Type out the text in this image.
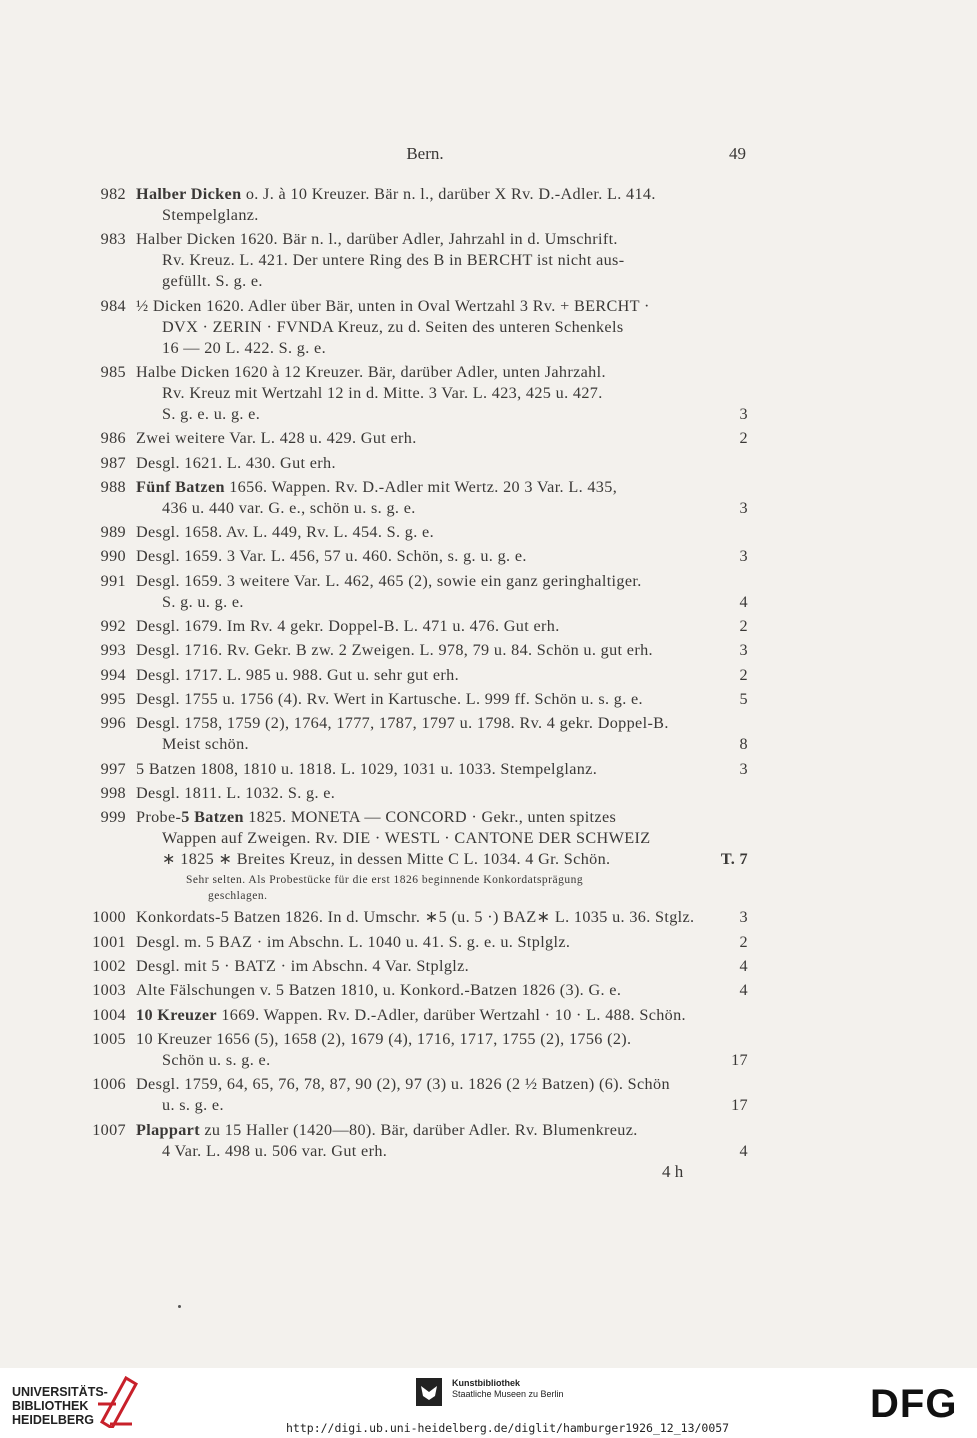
Bern.	49
982 Halber Dicken o. J. à 10 Kreuzer. Bär n. l., darüber X Rv. D.-Adler. L. 414.
Stempelglanz.
983 Halber Dicken 1620. Bär n. l., darüber Adler, Jahrzahl in d. Umschrift.
Rv. Kreuz. L. 421. Der untere Ring des B in BERCHT ist nicht aus-
gefüllt. S. g. e.
984 ½ Dicken 1620. Adler über Bär, unten in Oval Wertzahl 3 Rv. + BERCHT ·
DVX · ZERIN · FVNDA Kreuz, zu d. Seiten des unteren Schenkels
16 — 20 L. 422. S. g. e.
985 Halbe Dicken 1620 à 12 Kreuzer. Bär, darüber Adler, unten Jahrzahl.
Rv. Kreuz mit Wertzahl 12 in d. Mitte. 3 Var. L. 423, 425 u. 427.
S. g. e. u. g. e.	3
986 Zwei weitere Var. L. 428 u. 429. Gut erh.	2
987 Desgl. 1621. L. 430. Gut erh.
988 Fünf Batzen 1656. Wappen. Rv. D.-Adler mit Wertz. 20 3 Var. L. 435,
436 u. 440 var. G. e., schön u. s. g. e.	3
989 Desgl. 1658. Av. L. 449, Rv. L. 454. S. g. e.
990 Desgl. 1659. 3 Var. L. 456, 57 u. 460. Schön, s. g. u. g. e.	3
991 Desgl. 1659. 3 weitere Var. L. 462, 465 (2), sowie ein ganz geringhaltiger.
S. g. u. g. e.	4
992 Desgl. 1679. Im Rv. 4 gekr. Doppel-B. L. 471 u. 476. Gut erh.	2
993 Desgl. 1716. Rv. Gekr. B zw. 2 Zweigen. L. 978, 79 u. 84. Schön u. gut erh.	3
994 Desgl. 1717. L. 985 u. 988. Gut u. sehr gut erh.	2
995 Desgl. 1755 u. 1756 (4). Rv. Wert in Kartusche. L. 999 ff. Schön u. s. g. e.	5
996 Desgl. 1758, 1759 (2), 1764, 1777, 1787, 1797 u. 1798. Rv. 4 gekr. Doppel-B.
Meist schön.	8
997 5 Batzen 1808, 1810 u. 1818. L. 1029, 1031 u. 1033. Stempelglanz.	3
998 Desgl. 1811. L. 1032. S. g. e.
999 Probe-5 Batzen 1825. MONETA — CONCORD · Gekr., unten spitzes
Wappen auf Zweigen. Rv. DIE · WESTL · CANTONE DER SCHWEIZ
∗ 1825 ∗ Breites Kreuz, in dessen Mitte C L. 1034. 4 Gr. Schön.	T. 7
1000 Konkordats-5 Batzen 1826. In d. Umschr. ∗5 (u. 5 ·) BAZ∗ L. 1035 u. 36. Stglz.	3
1001 Desgl. m. 5 BAZ · im Abschn. L. 1040 u. 41. S. g. e. u. Stplglz.	2
1002 Desgl. mit 5 · BATZ · im Abschn. 4 Var. Stplglz.	4
1003 Alte Fälschungen v. 5 Batzen 1810, u. Konkord.-Batzen 1826 (3). G. e.	4
1004 10 Kreuzer 1669. Wappen. Rv. D.-Adler, darüber Wertzahl · 10 · L. 488. Schön.
1005 10 Kreuzer 1656 (5), 1658 (2), 1679 (4), 1716, 1717, 1755 (2), 1756 (2).
Schön u. s. g. e.	17
1006 Desgl. 1759, 64, 65, 76, 78, 87, 90 (2), 97 (3) u. 1826 (2 ½ Batzen) (6). Schön
u. s. g. e.	17
1007 Plappart zu 15 Haller (1420—80). Bär, darüber Adler. Rv. Blumenkreuz.
4 Var. L. 498 u. 506 var. Gut erh.	4
Sehr selten. Als Probestücke für die erst 1826 beginnende Konkordatsprägung
geschlagen.
4 h
UNIVERSITÄTS-
BIBLIOTHEK
HEIDELBERG
Kunstbibliothek
Staatliche Museen zu Berlin	DFG
http://digi.ub.uni-heidelberg.de/diglit/hamburger1926_12_13/0057
